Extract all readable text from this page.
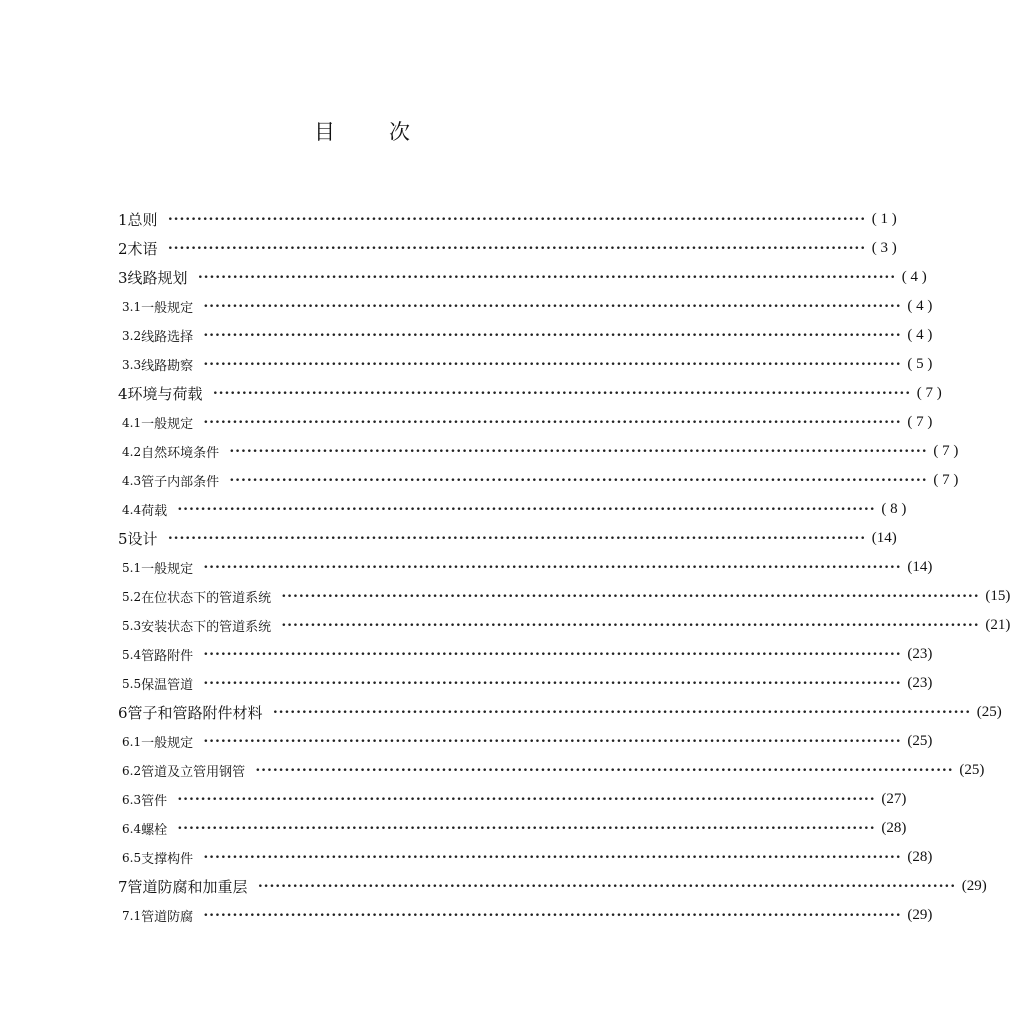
目	次
1 总则 •••••••••••••••••••••••••••••••••••••••••••••••••••••••••••••••••••••••••••••••••••••••••••••••••••••••••••••••••••••••• ( 1 )
2 术语 •••••••••••••••••••••••••••••••••••••••••••••••••••••••••••••••••••••••••••••••••••••••••••••••••••••••••••••••••••••••• ( 3 )
3 线路规划 •••••••••••••••••••••••••••••••••••••••••••••••••••••••••••••••••••••••••••••••••••••••••••••••••••••••••••••••••••••••• ( 4 )
3.1 一般规定 •••••••••••••••••••••••••••••••••••••••••••••••••••••••••••••••••••••••••••••••••••••••••••••••••••••••••••••••••••••••• ( 4 )
3.2 线路选择 •••••••••••••••••••••••••••••••••••••••••••••••••••••••••••••••••••••••••••••••••••••••••••••••••••••••••••••••••••••••• ( 4 )
3.3 线路勘察 •••••••••••••••••••••••••••••••••••••••••••••••••••••••••••••••••••••••••••••••••••••••••••••••••••••••••••••••••••••••• ( 5 )
4 环境与荷载 •••••••••••••••••••••••••••••••••••••••••••••••••••••••••••••••••••••••••••••••••••••••••••••••••••••••••••••••••••••••• ( 7 )
4.1 一般规定 •••••••••••••••••••••••••••••••••••••••••••••••••••••••••••••••••••••••••••••••••••••••••••••••••••••••••••••••••••••••• ( 7 )
4.2 自然环境条件 •••••••••••••••••••••••••••••••••••••••••••••••••••••••••••••••••••••••••••••••••••••••••••••••••••••••••••••••••••••••• ( 7 )
4.3 管子内部条件 •••••••••••••••••••••••••••••••••••••••••••••••••••••••••••••••••••••••••••••••••••••••••••••••••••••••••••••••••••••••• ( 7 )
4.4 荷载 •••••••••••••••••••••••••••••••••••••••••••••••••••••••••••••••••••••••••••••••••••••••••••••••••••••••••••••••••••••••• ( 8 )
5 设计 •••••••••••••••••••••••••••••••••••••••••••••••••••••••••••••••••••••••••••••••••••••••••••••••••••••••••••••••••••••••• (14)
5.1 一般规定 •••••••••••••••••••••••••••••••••••••••••••••••••••••••••••••••••••••••••••••••••••••••••••••••••••••••••••••••••••••••• (14)
5.2 在位状态下的管道系统 •••••••••••••••••••••••••••••••••••••••••••••••••••••••••••••••••••••••••••••••••••••••••••••••••••••••••••••••••••••••• (15)
5.3 安装状态下的管道系统 •••••••••••••••••••••••••••••••••••••••••••••••••••••••••••••••••••••••••••••••••••••••••••••••••••••••••••••••••••••••• (21)
5.4 管路附件 •••••••••••••••••••••••••••••••••••••••••••••••••••••••••••••••••••••••••••••••••••••••••••••••••••••••••••••••••••••••• (23)
5.5 保温管道 •••••••••••••••••••••••••••••••••••••••••••••••••••••••••••••••••••••••••••••••••••••••••••••••••••••••••••••••••••••••• (23)
6 管子和管路附件材料 •••••••••••••••••••••••••••••••••••••••••••••••••••••••••••••••••••••••••••••••••••••••••••••••••••••••••••••••••••••••• (25)
6.1 一般规定 •••••••••••••••••••••••••••••••••••••••••••••••••••••••••••••••••••••••••••••••••••••••••••••••••••••••••••••••••••••••• (25)
6.2 管道及立管用钢管 •••••••••••••••••••••••••••••••••••••••••••••••••••••••••••••••••••••••••••••••••••••••••••••••••••••••••••••••••••••••• (25)
6.3 管件 •••••••••••••••••••••••••••••••••••••••••••••••••••••••••••••••••••••••••••••••••••••••••••••••••••••••••••••••••••••••• (27)
6.4 螺栓 •••••••••••••••••••••••••••••••••••••••••••••••••••••••••••••••••••••••••••••••••••••••••••••••••••••••••••••••••••••••• (28)
6.5 支撑构件 •••••••••••••••••••••••••••••••••••••••••••••••••••••••••••••••••••••••••••••••••••••••••••••••••••••••••••••••••••••••• (28)
7 管道防腐和加重层 •••••••••••••••••••••••••••••••••••••••••••••••••••••••••••••••••••••••••••••••••••••••••••••••••••••••••••••••••••••••• (29)
7.1 管道防腐 •••••••••••••••••••••••••••••••••••••••••••••••••••••••••••••••••••••••••••••••••••••••••••••••••••••••••••••••••••••••• (29)
